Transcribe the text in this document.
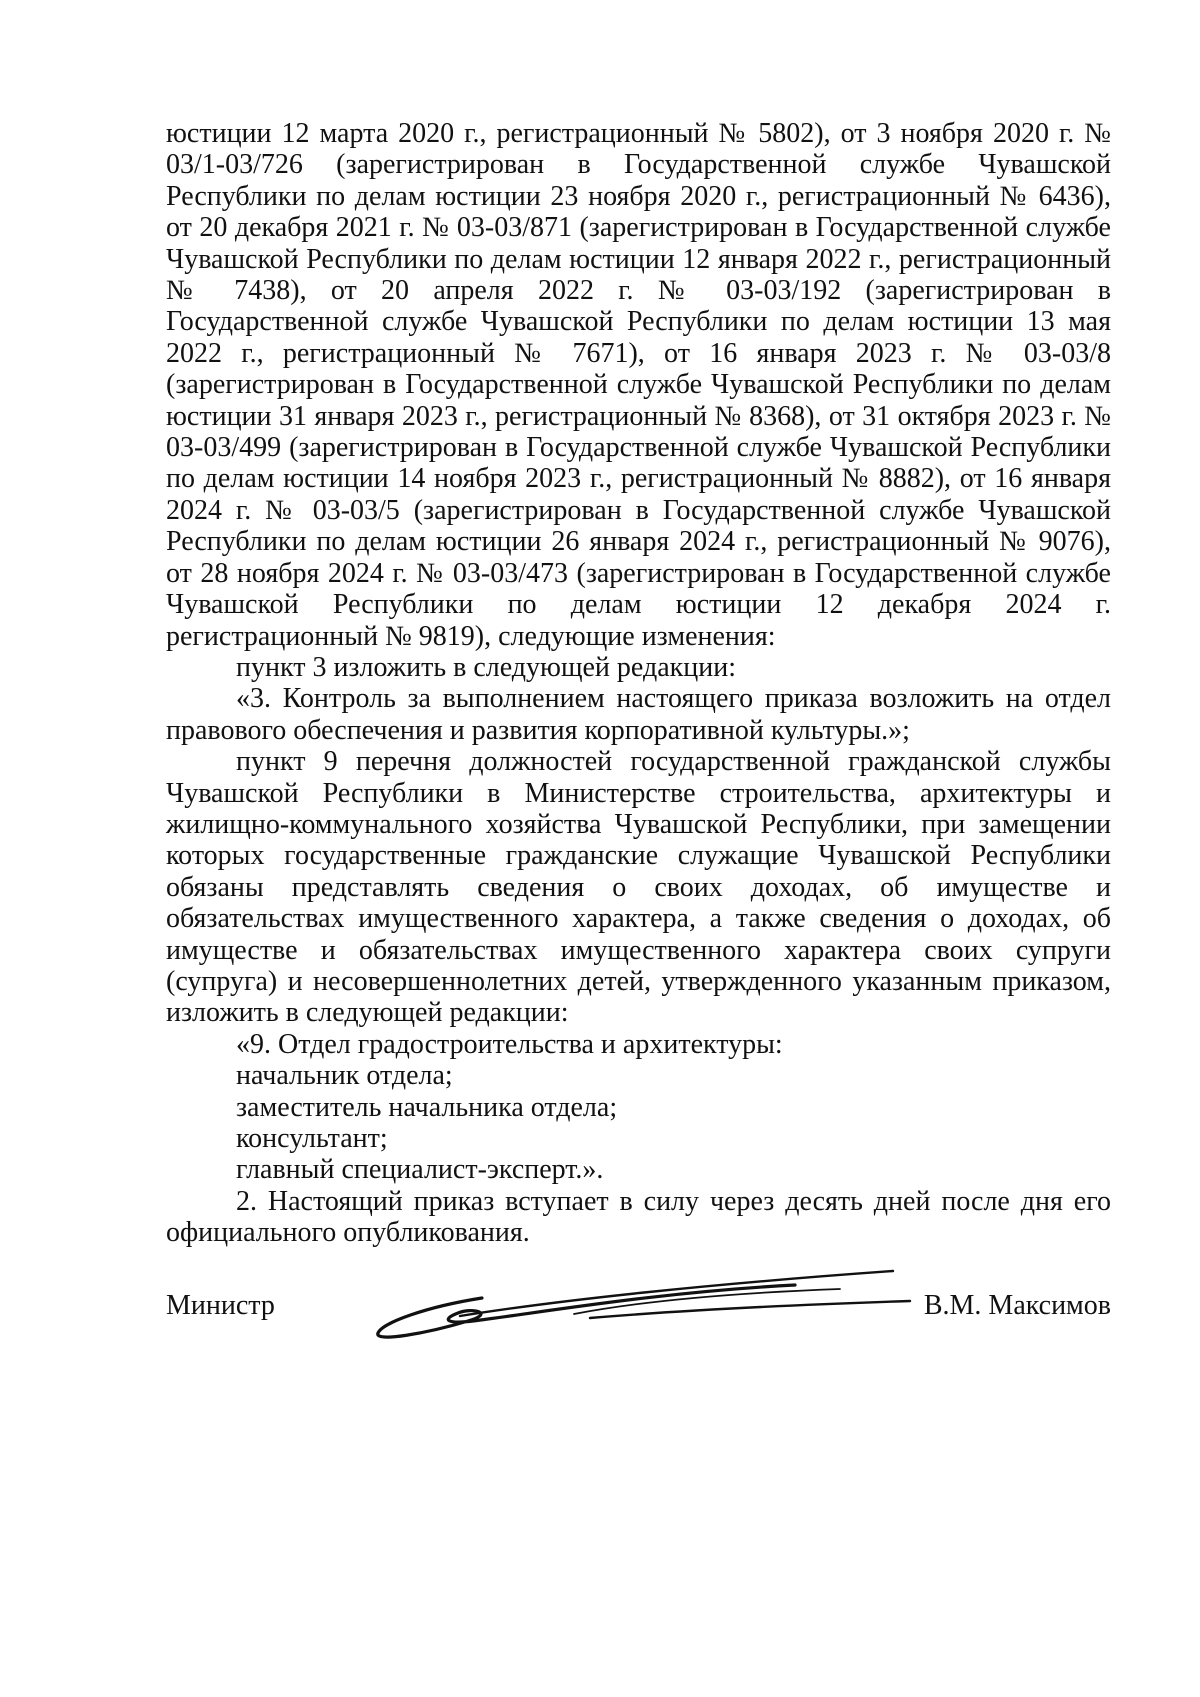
юстиции 12 марта 2020 г., регистрационный № 5802), от 3 ноября 2020 г. № 03/1-03/726 (зарегистрирован в Государственной службе Чувашской Республики по делам юстиции 23 ноября 2020 г., регистрационный № 6436), от 20 декабря 2021 г. № 03-03/871 (зарегистрирован в Государственной службе Чувашской Республики по делам юстиции 12 января 2022 г., регистрационный № 7438), от 20 апреля 2022 г. № 03-03/192 (зарегистрирован в Государственной службе Чувашской Республики по делам юстиции 13 мая 2022 г., регистрационный № 7671), от 16 января 2023 г. № 03-03/8 (зарегистрирован в Государственной службе Чувашской Республики по делам юстиции 31 января 2023 г., регистрационный № 8368), от 31 октября 2023 г. № 03-03/499 (зарегистрирован в Государственной службе Чувашской Республики по делам юстиции 14 ноября 2023 г., регистрационный № 8882), от 16 января 2024 г. № 03-03/5 (зарегистрирован в Государственной службе Чувашской Республики по делам юстиции 26 января 2024 г., регистрационный № 9076), от 28 ноября 2024 г. № 03-03/473 (зарегистрирован в Государственной службе Чувашской Республики по делам юстиции 12 декабря 2024 г. регистрационный № 9819), следующие изменения:

пункт 3 изложить в следующей редакции:

«3. Контроль за выполнением настоящего приказа возложить на отдел правового обеспечения и развития корпоративной культуры.»;

пункт 9 перечня должностей государственной гражданской службы Чувашской Республики в Министерстве строительства, архитектуры и жилищно-коммунального хозяйства Чувашской Республики, при замещении которых государственные гражданские служащие Чувашской Республики обязаны представлять сведения о своих доходах, об имуществе и обязательствах имущественного характера, а также сведения о доходах, об имуществе и обязательствах имущественного характера своих супруги (супруга) и несовершеннолетних детей, утвержденного указанным приказом, изложить в следующей редакции:

«9. Отдел градостроительства и архитектуры:

начальник отдела;

заместитель начальника отдела;

консультант;

главный специалист-эксперт.».

2. Настоящий приказ вступает в силу через десять дней после дня его официального опубликования.

Министр	В.М. Максимов
